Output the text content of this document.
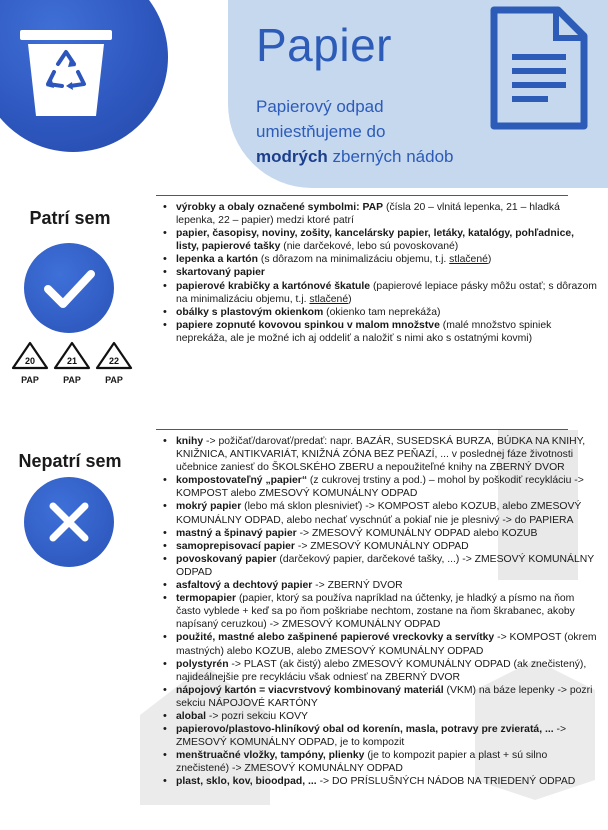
Papier
Papierový odpad
umiestňujeme do
modrých zberných nádob
Patrí sem
20
PAP
21
PAP
22
PAP
• výrobky a obaly označené symbolmi: PAP (čísla 20 – vlnitá lepenka, 21 – hladká lepenka, 22 – papier) medzi ktoré patrí
• papier, časopisy, noviny, zošity, kancelársky papier, letáky, katalógy, pohľadnice, listy, papierové tašky (nie darčekové, lebo sú povoskované)
• lepenka a kartón (s dôrazom na minimalizáciu objemu, t.j. stlačené)
• skartovaný papier
• papierové krabičky a kartónové škatule (papierové lepiace pásky môžu ostať; s dôrazom na minimalizáciu objemu, t.j. stlačené)
• obálky s plastovým okienkom (okienko tam neprekáža)
• papiere zopnuté kovovou spinkou v malom množstve (malé množstvo spiniek neprekáža, ale je možné ich aj oddeliť a naložiť s nimi ako s ostatnými kovmi)
Nepatrí sem
• knihy -> požičať/darovať/predať: napr. BAZÁR, SUSEDSKÁ BURZA, BÚDKA NA KNIHY, KNIŽNICA, ANTIKVARIÁT, KNIŽNÁ ZÓNA BEZ PEŇAZÍ, ... v poslednej fáze životnosti učebnice zaniesť do ŠKOLSKÉHO ZBERU a nepoužiteľné knihy na ZBERNÝ DVOR
• kompostovateľný „papier“ (z cukrovej trstiny a pod.) – mohol by poškodiť recykláciu -> KOMPOST alebo ZMESOVÝ KOMUNÁLNY ODPAD
• mokrý papier (lebo má sklon plesnivieť) -> KOMPOST alebo KOZUB, alebo ZMESOVÝ KOMUNÁLNY ODPAD, alebo nechať vyschnúť a pokiaľ nie je plesnivý -> do PAPIERA
• mastný a špinavý papier -> ZMESOVÝ KOMUNÁLNY ODPAD alebo KOZUB
• samoprepisovací papier -> ZMESOVÝ KOMUNÁLNY ODPAD
• povoskovaný papier (darčekový papier, darčekové tašky, ...) -> ZMESOVÝ KOMUNÁLNY ODPAD
• asfaltový a dechtový papier -> ZBERNÝ DVOR
• termopapier (papier, ktorý sa používa napríklad na účtenky, je hladký a písmo na ňom často vyblede + keď sa po ňom poškriabe nechtom, zostane na ňom škrabanec, akoby napísaný ceruzkou) -> ZMESOVÝ KOMUNÁLNY ODPAD
• použité, mastné alebo zašpinené papierové vreckovky a servítky -> KOMPOST (okrem mastných) alebo KOZUB, alebo ZMESOVÝ KOMUNÁLNY ODPAD
• polystyrén -> PLAST (ak čistý) alebo ZMESOVÝ KOMUNÁLNY ODPAD (ak znečistený), najideálnejšie pre recykláciu však odniesť na ZBERNÝ DVOR
• nápojový kartón = viacvrstvový kombinovaný materiál (VKM) na báze lepenky -> pozri sekciu NÁPOJOVÉ KARTÓNY
• alobal -> pozri sekciu KOVY
• papierovo/plastovo-hliníkový obal od korenín, masla, potravy pre zvieratá, ... -> ZMESOVÝ KOMUNÁLNY ODPAD, je to kompozit
• menštruačné vložky, tampóny, plienky (je to kompozit papier a plast + sú silno znečistené) -> ZMESOVÝ KOMUNÁLNY ODPAD
• plast, sklo, kov, bioodpad, ... -> DO PRÍSLUŠNÝCH NÁDOB NA TRIEDENÝ ODPAD
